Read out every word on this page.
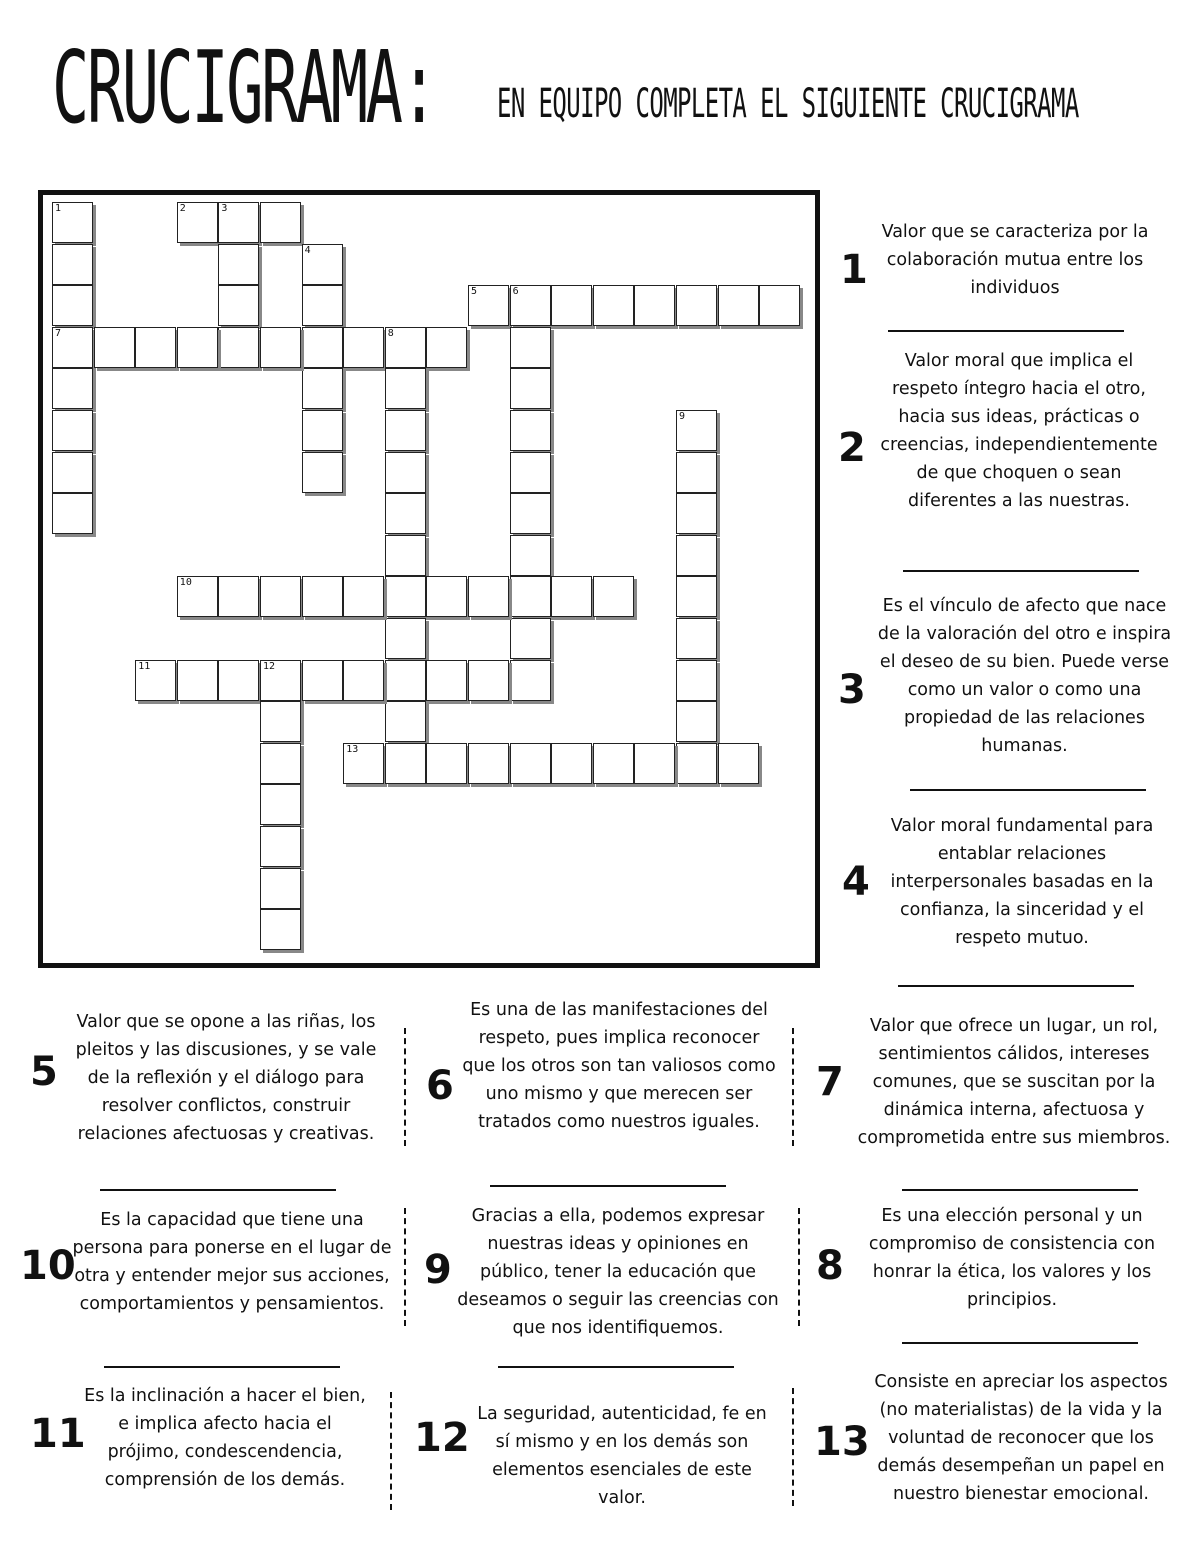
CRUCIGRAMA: EN EQUIPO COMPLETA EL SIGUIENTE CRUCIGRAMA
1
7
2	3
4
5	6
8
9
10
11	12
13
1
Valor que se caracteriza por la colaboración mutua entre los individuos
2
Valor moral que implica el respeto íntegro hacia el otro, hacia sus ideas, prácticas o creencias, independientemente de que choquen o sean diferentes a las nuestras.
3
Es el vínculo de afecto que nace de la valoración del otro e inspira el deseo de su bien. Puede verse como un valor o como una propiedad de las relaciones humanas.
4
Valor moral fundamental para entablar relaciones interpersonales basadas en la confianza, la sinceridad y el respeto mutuo.
5
Valor que se opone a las riñas, los pleitos y las discusiones, y se vale de la reflexión y el diálogo para resolver conflictos, construir relaciones afectuosas y creativas.
6
Es una de las manifestaciones del respeto, pues implica reconocer que los otros son tan valiosos como uno mismo y que merecen ser tratados como nuestros iguales.
7
Valor que ofrece un lugar, un rol, sentimientos cálidos, intereses comunes, que se suscitan por la dinámica interna, afectuosa y comprometida entre sus miembros.
10
Es la capacidad que tiene una persona para ponerse en el lugar de otra y entender mejor sus acciones, comportamientos y pensamientos.
9
Gracias a ella, podemos expresar nuestras ideas y opiniones en público, tener la educación que deseamos o seguir las creencias con que nos identifiquemos.
8
Es una elección personal y un compromiso de consistencia con honrar la ética, los valores y los principios.
11
Es la inclinación a hacer el bien, e implica afecto hacia el prójimo, condescendencia, comprensión de los demás.
12
La seguridad, autenticidad, fe en sí mismo y en los demás son elementos esenciales de este valor.
13
Consiste en apreciar los aspectos (no materialistas) de la vida y la voluntad de reconocer que los demás desempeñan un papel en nuestro bienestar emocional.
